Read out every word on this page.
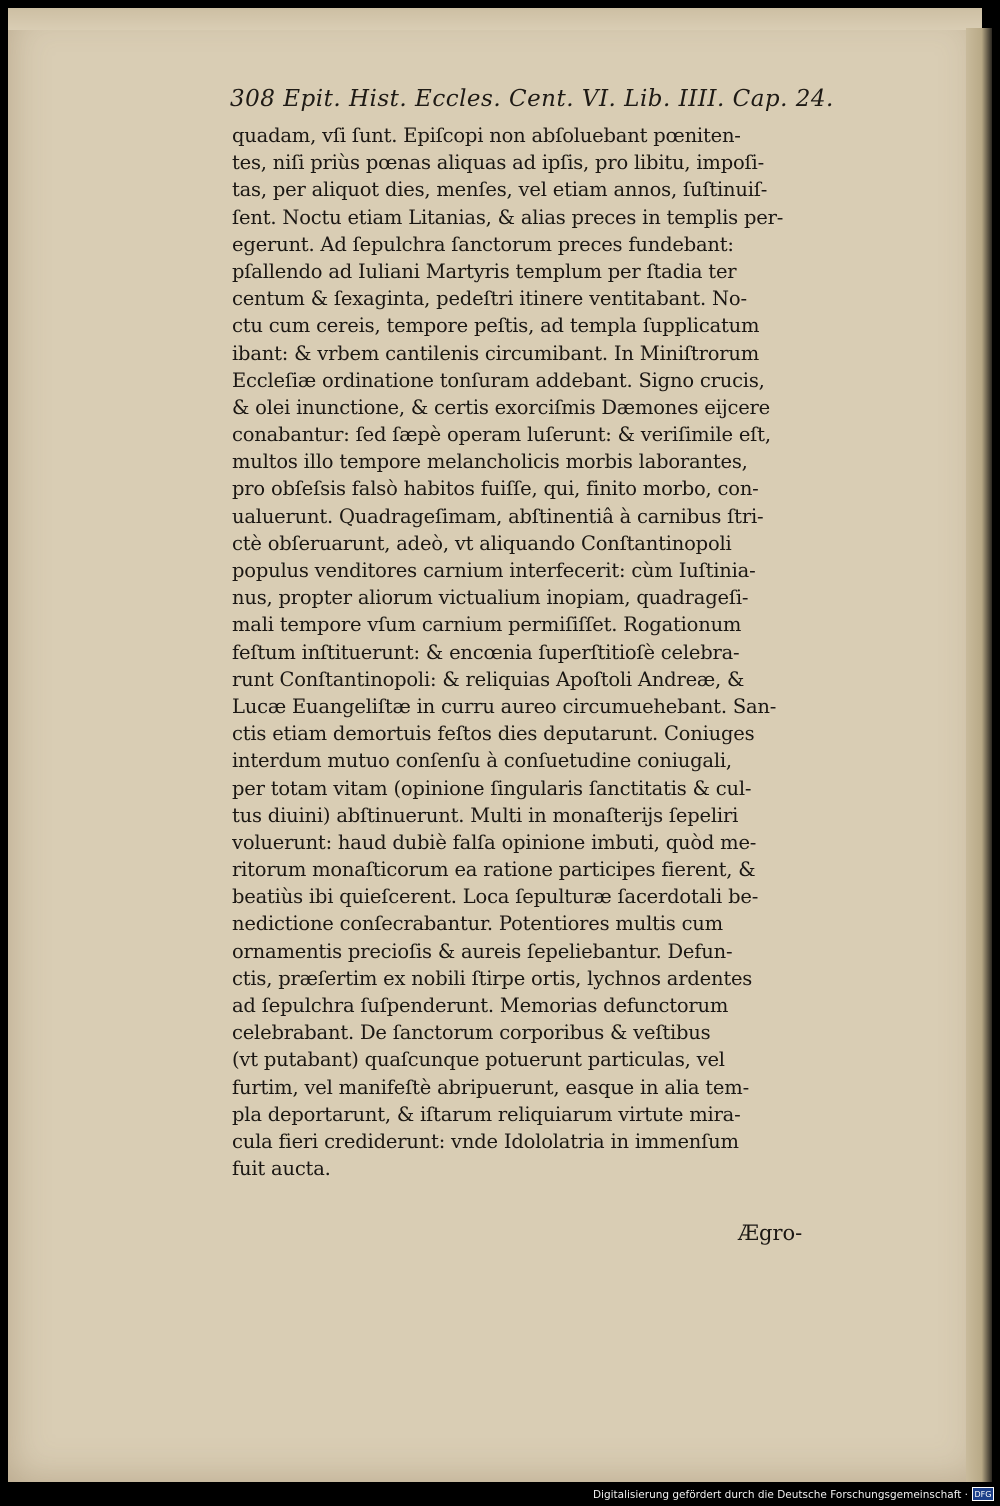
308 Epit. Hist. Eccles. Cent. VI. Lib. IIII. Cap. 24.
quadam, vſi ſunt. Epiſcopi non abſoluebant pœniten-
tes, niſi priùs pœnas aliquas ad ipſis, pro libitu, impoſi-
tas, per aliquot dies, menſes, vel etiam annos, ſuſtinuiſ-
ſent. Noctu etiam Litanias, & alias preces in templis per-
egerunt. Ad ſepulchra ſanctorum preces fundebant:
pſallendo ad Iuliani Martyris templum per ſtadia ter
centum & ſexaginta, pedeſtri itinere ventitabant. No-
ctu cum cereis, tempore peſtis, ad templa ſupplicatum
ibant: & vrbem cantilenis circumibant. In Miniſtrorum
Eccleſiæ ordinatione tonſuram addebant. Signo crucis,
& olei inunctione, & certis exorciſmis Dæmones eijcere
conabantur: ſed ſæpè operam luſerunt: & veriſimile eſt,
multos illo tempore melancholicis morbis laborantes,
pro obſeſsis falsò habitos fuiſſe, qui, finito morbo, con-
ualuerunt. Quadrageſimam, abſtinentiâ à carnibus ſtri-
ctè obſeruarunt, adeò, vt aliquando Conſtantinopoli
populus venditores carnium interfecerit: cùm Iuſtinia-
nus, propter aliorum victualium inopiam, quadrageſi-
mali tempore vſum carnium permiſiſſet. Rogationum
feſtum inſtituerunt: & encœnia ſuperſtitioſè celebra-
runt Conſtantinopoli: & reliquias Apoſtoli Andreæ, &
Lucæ Euangeliſtæ in curru aureo circumuehebant. San-
ctis etiam demortuis feſtos dies deputarunt. Coniuges
interdum mutuo conſenſu à conſuetudine coniugali,
per totam vitam (opinione ſingularis ſanctitatis & cul-
tus diuini) abſtinuerunt. Multi in monaſterijs ſepeliri
voluerunt: haud dubiè falſa opinione imbuti, quòd me-
ritorum monaſticorum ea ratione participes fierent, &
beatiùs ibi quieſcerent. Loca ſepulturæ ſacerdotali be-
nedictione conſecrabantur. Potentiores multis cum
ornamentis precioſis & aureis ſepeliebantur. Defun-
ctis, præſertim ex nobili ſtirpe ortis, lychnos ardentes
ad ſepulchra ſuſpenderunt. Memorias defunctorum
celebrabant. De ſanctorum corporibus & veſtibus
(vt putabant) quaſcunque potuerunt particulas, vel
furtim, vel manifeſtè abripuerunt, easque in alia tem-
pla deportarunt, & iſtarum reliquiarum virtute mira-
cula fieri crediderunt: vnde Idololatria in immenſum
fuit aucta.
Ægro-
Digitalisierung gefördert durch die Deutsche Forschungsgemeinschaft · DFG
